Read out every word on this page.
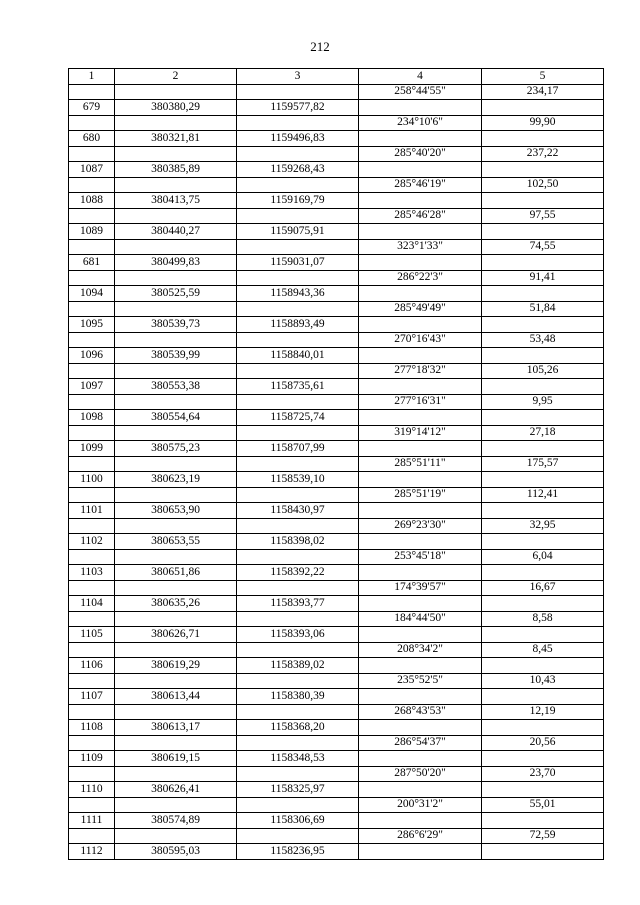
212
1	2	3	4	5
			258°44'55"	234,17
679	380380,29	1159577,82		
			234°10'6"	99,90
680	380321,81	1159496,83		
			285°40'20"	237,22
1087	380385,89	1159268,43		
			285°46'19"	102,50
1088	380413,75	1159169,79		
			285°46'28"	97,55
1089	380440,27	1159075,91		
			323°1'33"	74,55
681	380499,83	1159031,07		
			286°22'3"	91,41
1094	380525,59	1158943,36		
			285°49'49"	51,84
1095	380539,73	1158893,49		
			270°16'43"	53,48
1096	380539,99	1158840,01		
			277°18'32"	105,26
1097	380553,38	1158735,61		
			277°16'31"	9,95
1098	380554,64	1158725,74		
			319°14'12"	27,18
1099	380575,23	1158707,99		
			285°51'11"	175,57
1100	380623,19	1158539,10		
			285°51'19"	112,41
1101	380653,90	1158430,97		
			269°23'30"	32,95
1102	380653,55	1158398,02		
			253°45'18"	6,04
1103	380651,86	1158392,22		
			174°39'57"	16,67
1104	380635,26	1158393,77		
			184°44'50"	8,58
1105	380626,71	1158393,06		
			208°34'2"	8,45
1106	380619,29	1158389,02		
			235°52'5"	10,43
1107	380613,44	1158380,39		
			268°43'53"	12,19
1108	380613,17	1158368,20		
			286°54'37"	20,56
1109	380619,15	1158348,53		
			287°50'20"	23,70
1110	380626,41	1158325,97		
			200°31'2"	55,01
1111	380574,89	1158306,69		
			286°6'29"	72,59
1112	380595,03	1158236,95		
